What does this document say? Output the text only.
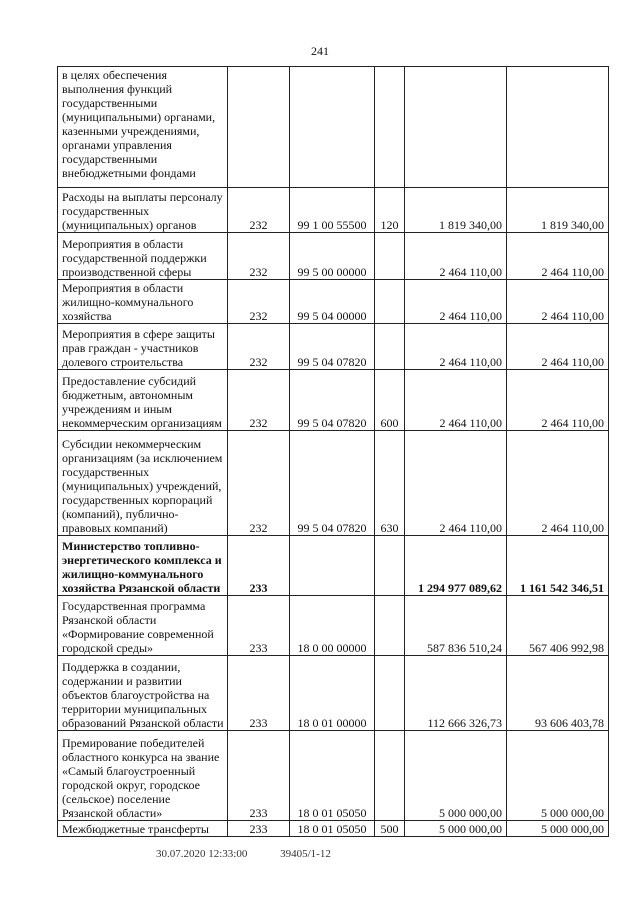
241
в целях обеспечения выполнения функций государственными (муниципальными) органами, казенными учреждениями, органами управления государственными внебюджетными фондами					
Расходы на выплаты персоналу государственных (муниципальных) органов	232	99 1 00 55500	120	1 819 340,00	1 819 340,00
Мероприятия в области государственной поддержки производственной сферы	232	99 5 00 00000		2 464 110,00	2 464 110,00
Мероприятия в области жилищно-коммунального хозяйства	232	99 5 04 00000		2 464 110,00	2 464 110,00
Мероприятия в сфере защиты прав граждан - участников долевого строительства	232	99 5 04 07820		2 464 110,00	2 464 110,00
Предоставление субсидий бюджетным, автономным учреждениям и иным некоммерческим организациям	232	99 5 04 07820	600	2 464 110,00	2 464 110,00
Субсидии некоммерческим организациям (за исключением государственных (муниципальных) учреждений, государственных корпораций (компаний), публично-правовых компаний)	232	99 5 04 07820	630	2 464 110,00	2 464 110,00
Министерство топливно-энергетического комплекса и жилищно-коммунального хозяйства Рязанской области	233			1 294 977 089,62	1 161 542 346,51
Государственная программа Рязанской области «Формирование современной городской среды»	233	18 0 00 00000		587 836 510,24	567 406 992,98
Поддержка в создании, содержании и развитии объектов благоустройства на территории муниципальных образований Рязанской области	233	18 0 01 00000		112 666 326,73	93 606 403,78
Премирование победителей областного конкурса на звание «Самый благоустроенный городской округ, городское (сельское) поселение Рязанской области»	233	18 0 01 05050		5 000 000,00	5 000 000,00
Межбюджетные трансферты	233	18 0 01 05050	500	5 000 000,00	5 000 000,00
30.07.2020 12:33:00	39405/1-12
